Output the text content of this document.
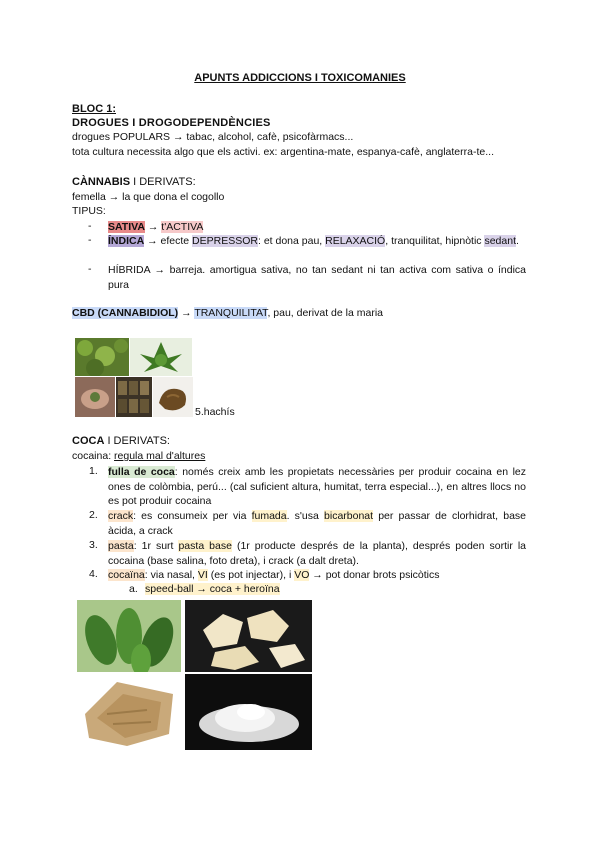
APUNTS ADDICCIONS I TOXICOMANIES
BLOC 1:
DROGUES I DROGODEPENDÈNCIES
drogues POPULARS → tabac, alcohol, cafè, psicofàrmacs...
tota cultura necessita algo que els activi. ex: argentina-mate, espanya-cafè, anglaterra-te...
CÀNNABIS I DERIVATS:
femella → la que dona el cogollo
TIPUS:
- SATIVA → t'ACTIVA
- ÍNDICA → efecte DEPRESSOR: et dona pau, RELAXACIÓ, tranquilitat, hipnòtic sedant.
- HÍBRIDA → barreja. amortigua sativa, no tan sedant ni tan activa com sativa o índica pura
CBD (CANNABIDIOL) → TRANQUILITAT, pau, derivat de la maria
5.hachís
COCA I DERIVATS:
cocaina: regula mal d'altures
1. fulla de coca: només creix amb les propietats necessàries per produir cocaina en lez ones de colòmbia, perú... (cal suficient altura, humitat, terra especial...), en altres llocs no es pot produir cocaina
2. crack: es consumeix per via fumada. s'usa bicarbonat per passar de clorhidrat, base àcida, a crack
3. pasta: 1r surt pasta base (1r producte després de la planta), després poden sortir la cocaina (base salina, foto dreta), i crack (a dalt dreta).
4. cocaïna: via nasal, VI (es pot injectar), i VO → pot donar brots psicòtics
a. speed-ball → coca + heroïna
